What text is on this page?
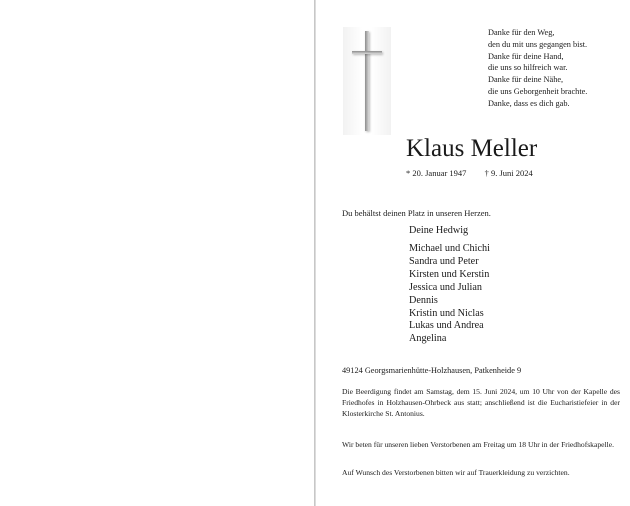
Danke für den Weg,
den du mit uns gegangen bist.
Danke für deine Hand,
die uns so hilfreich war.
Danke für deine Nähe,
die uns Geborgenheit brachte.
Danke, dass es dich gab.
Klaus Meller
* 20. Januar 1947 † 9. Juni 2024
Du behältst deinen Platz in unseren Herzen.
Deine Hedwig
Michael und Chichi
Sandra und Peter
Kirsten und Kerstin
Jessica und Julian
Dennis
Kristin und Niclas
Lukas und Andrea
Angelina
49124 Georgsmarienhütte-Holzhausen, Patkenheide 9
Die Beerdigung findet am Samstag, dem 15. Juni 2024, um 10 Uhr von der Kapelle des Friedhofes in Holzhausen-Ohrbeck aus statt; anschließend ist die Eucharistiefeier in der Klosterkirche St. Antonius.
Wir beten für unseren lieben Verstorbenen am Freitag um 18 Uhr in der Friedhofskapelle.
Auf Wunsch des Verstorbenen bitten wir auf Trauerkleidung zu verzichten.
